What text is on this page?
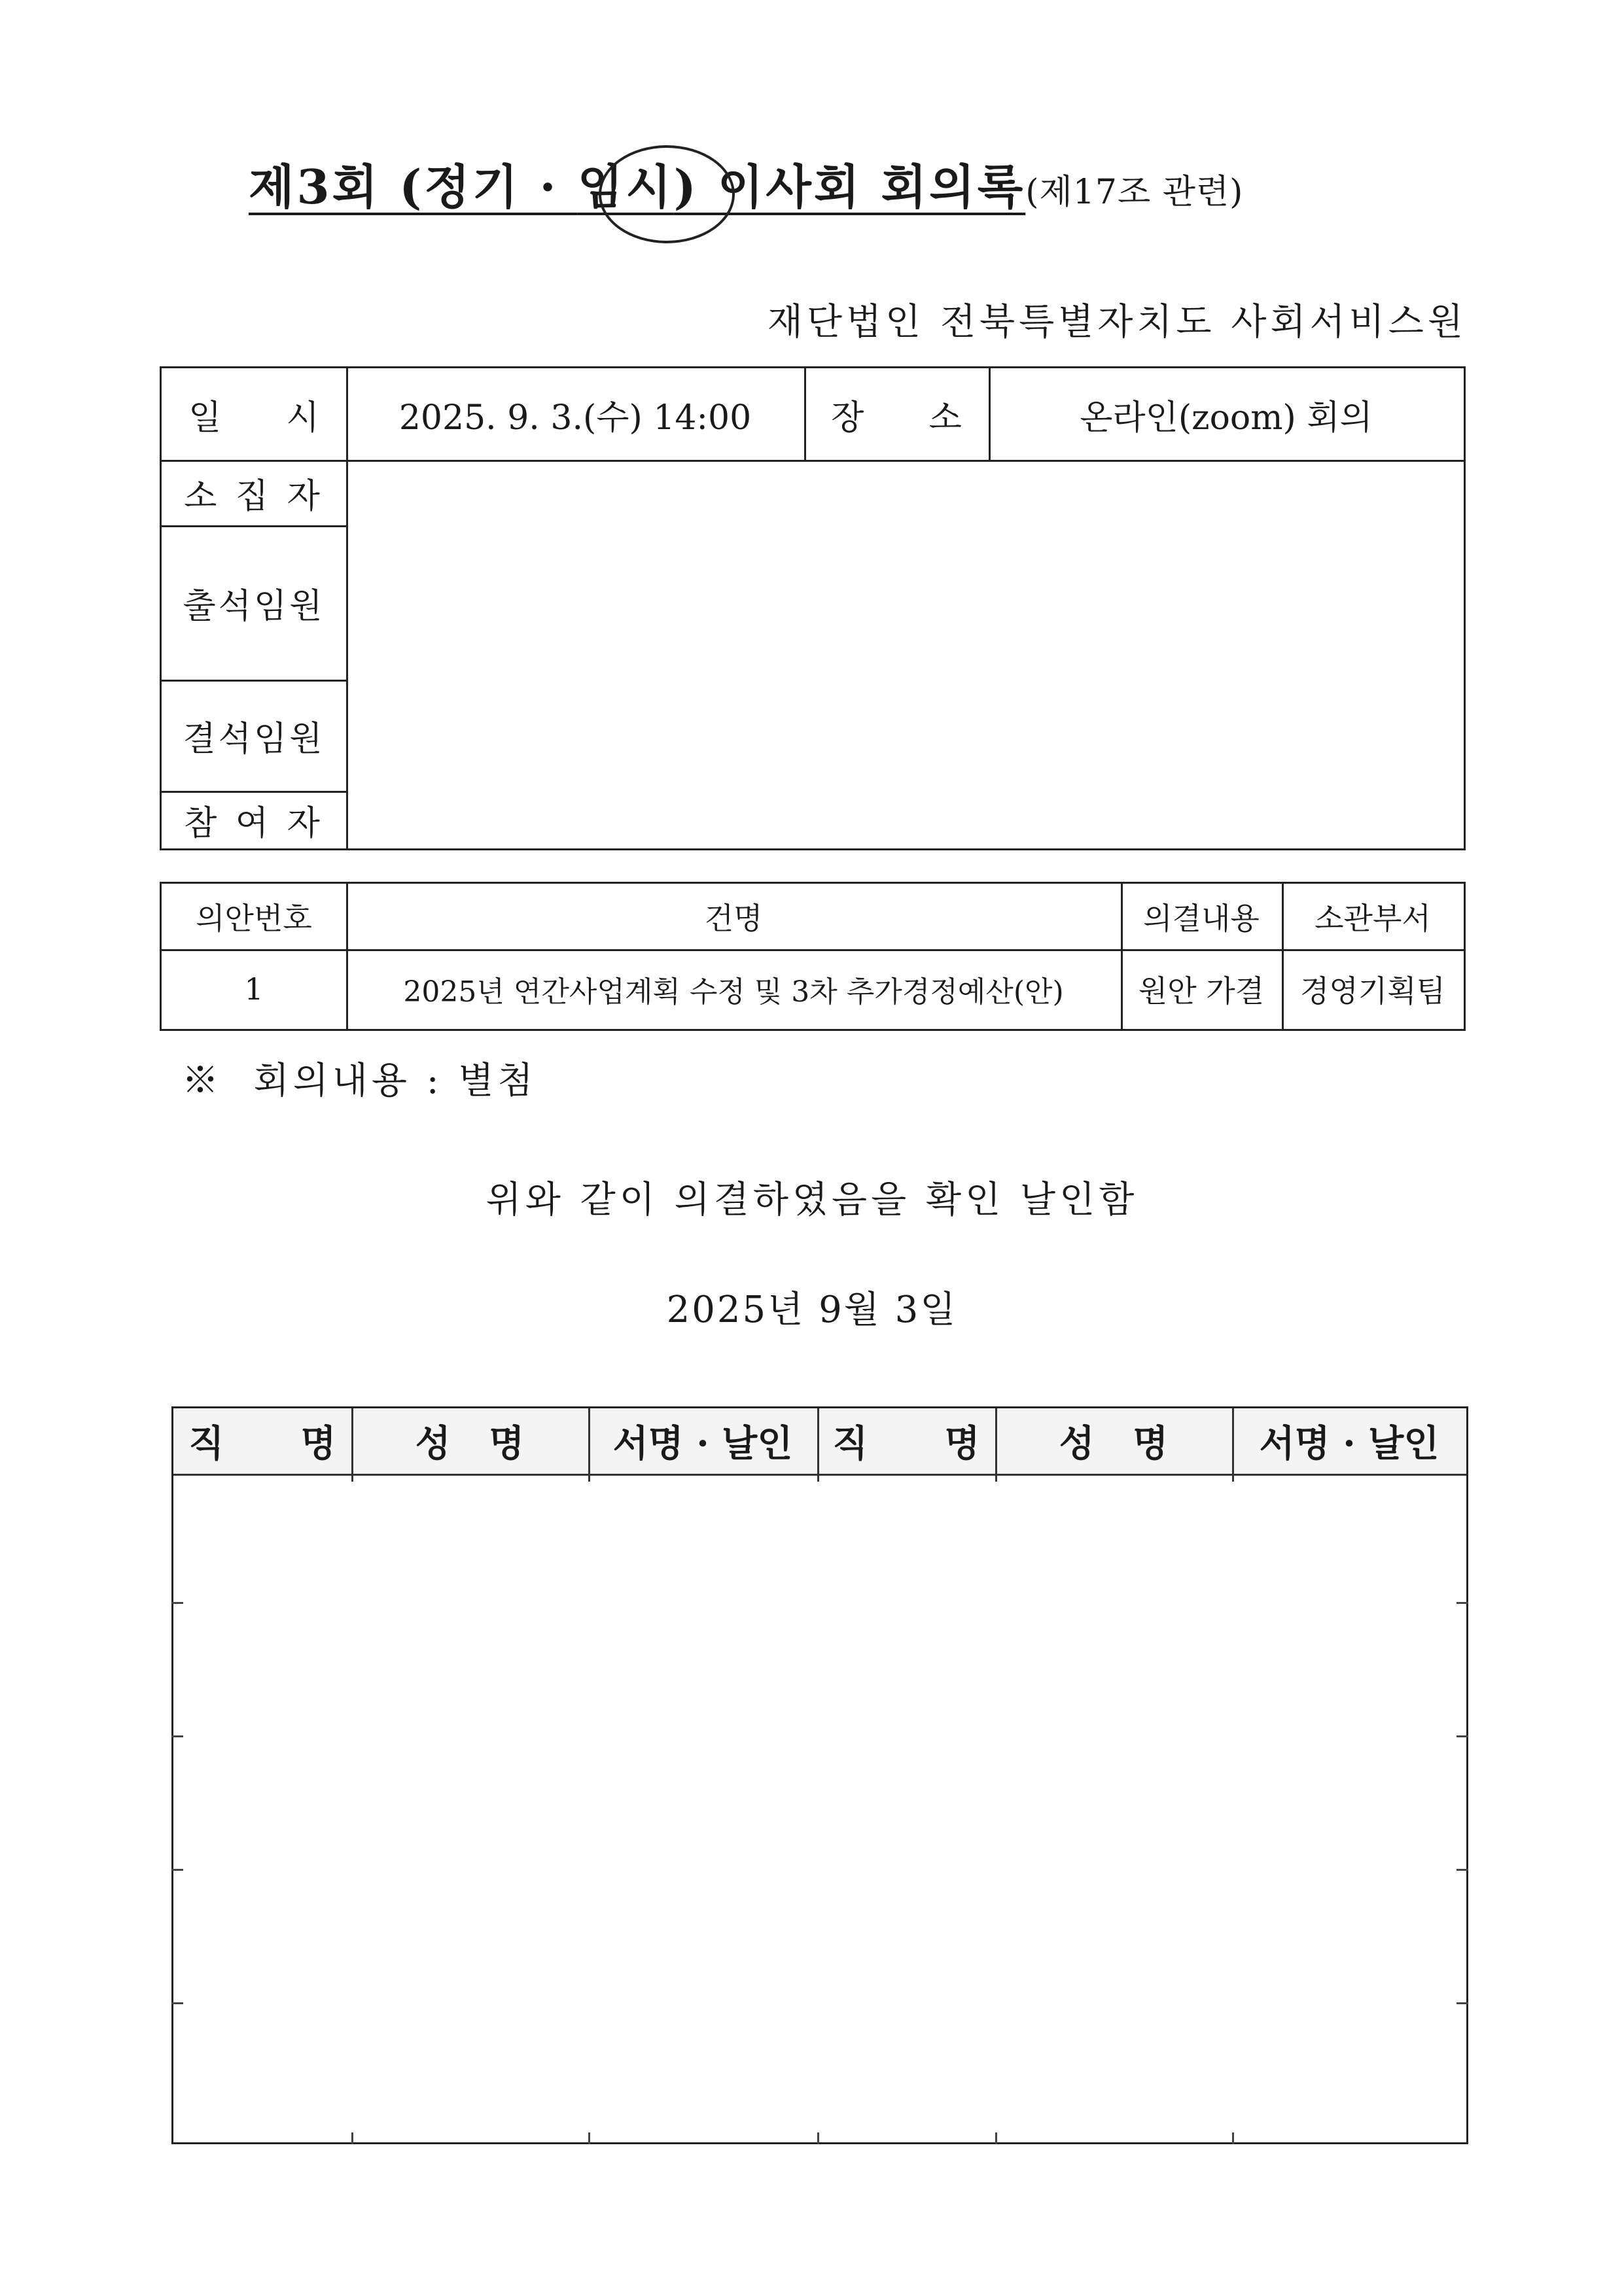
제3회 (정기 · 임시) 이사회 회의록(제17조 관련)
재단법인 전북특별자치도 사회서비스원
일      시	2025. 9. 3.(수) 14:00	장      소	온라인(zoom) 회의
소 집 자
출석임원
결석임원
참 여 자
의안번호	건명	의결내용	소관부서
1	2025년 연간사업계획 수정 및 3차 추가경정예산(안)	원안 가결	경영기획팀
※  회의내용 : 별첨
위와 같이 의결하였음을 확인 날인함
2025년 9월 3일
직      명	성   명	서명 · 날인	직      명	성   명	서명 · 날인
